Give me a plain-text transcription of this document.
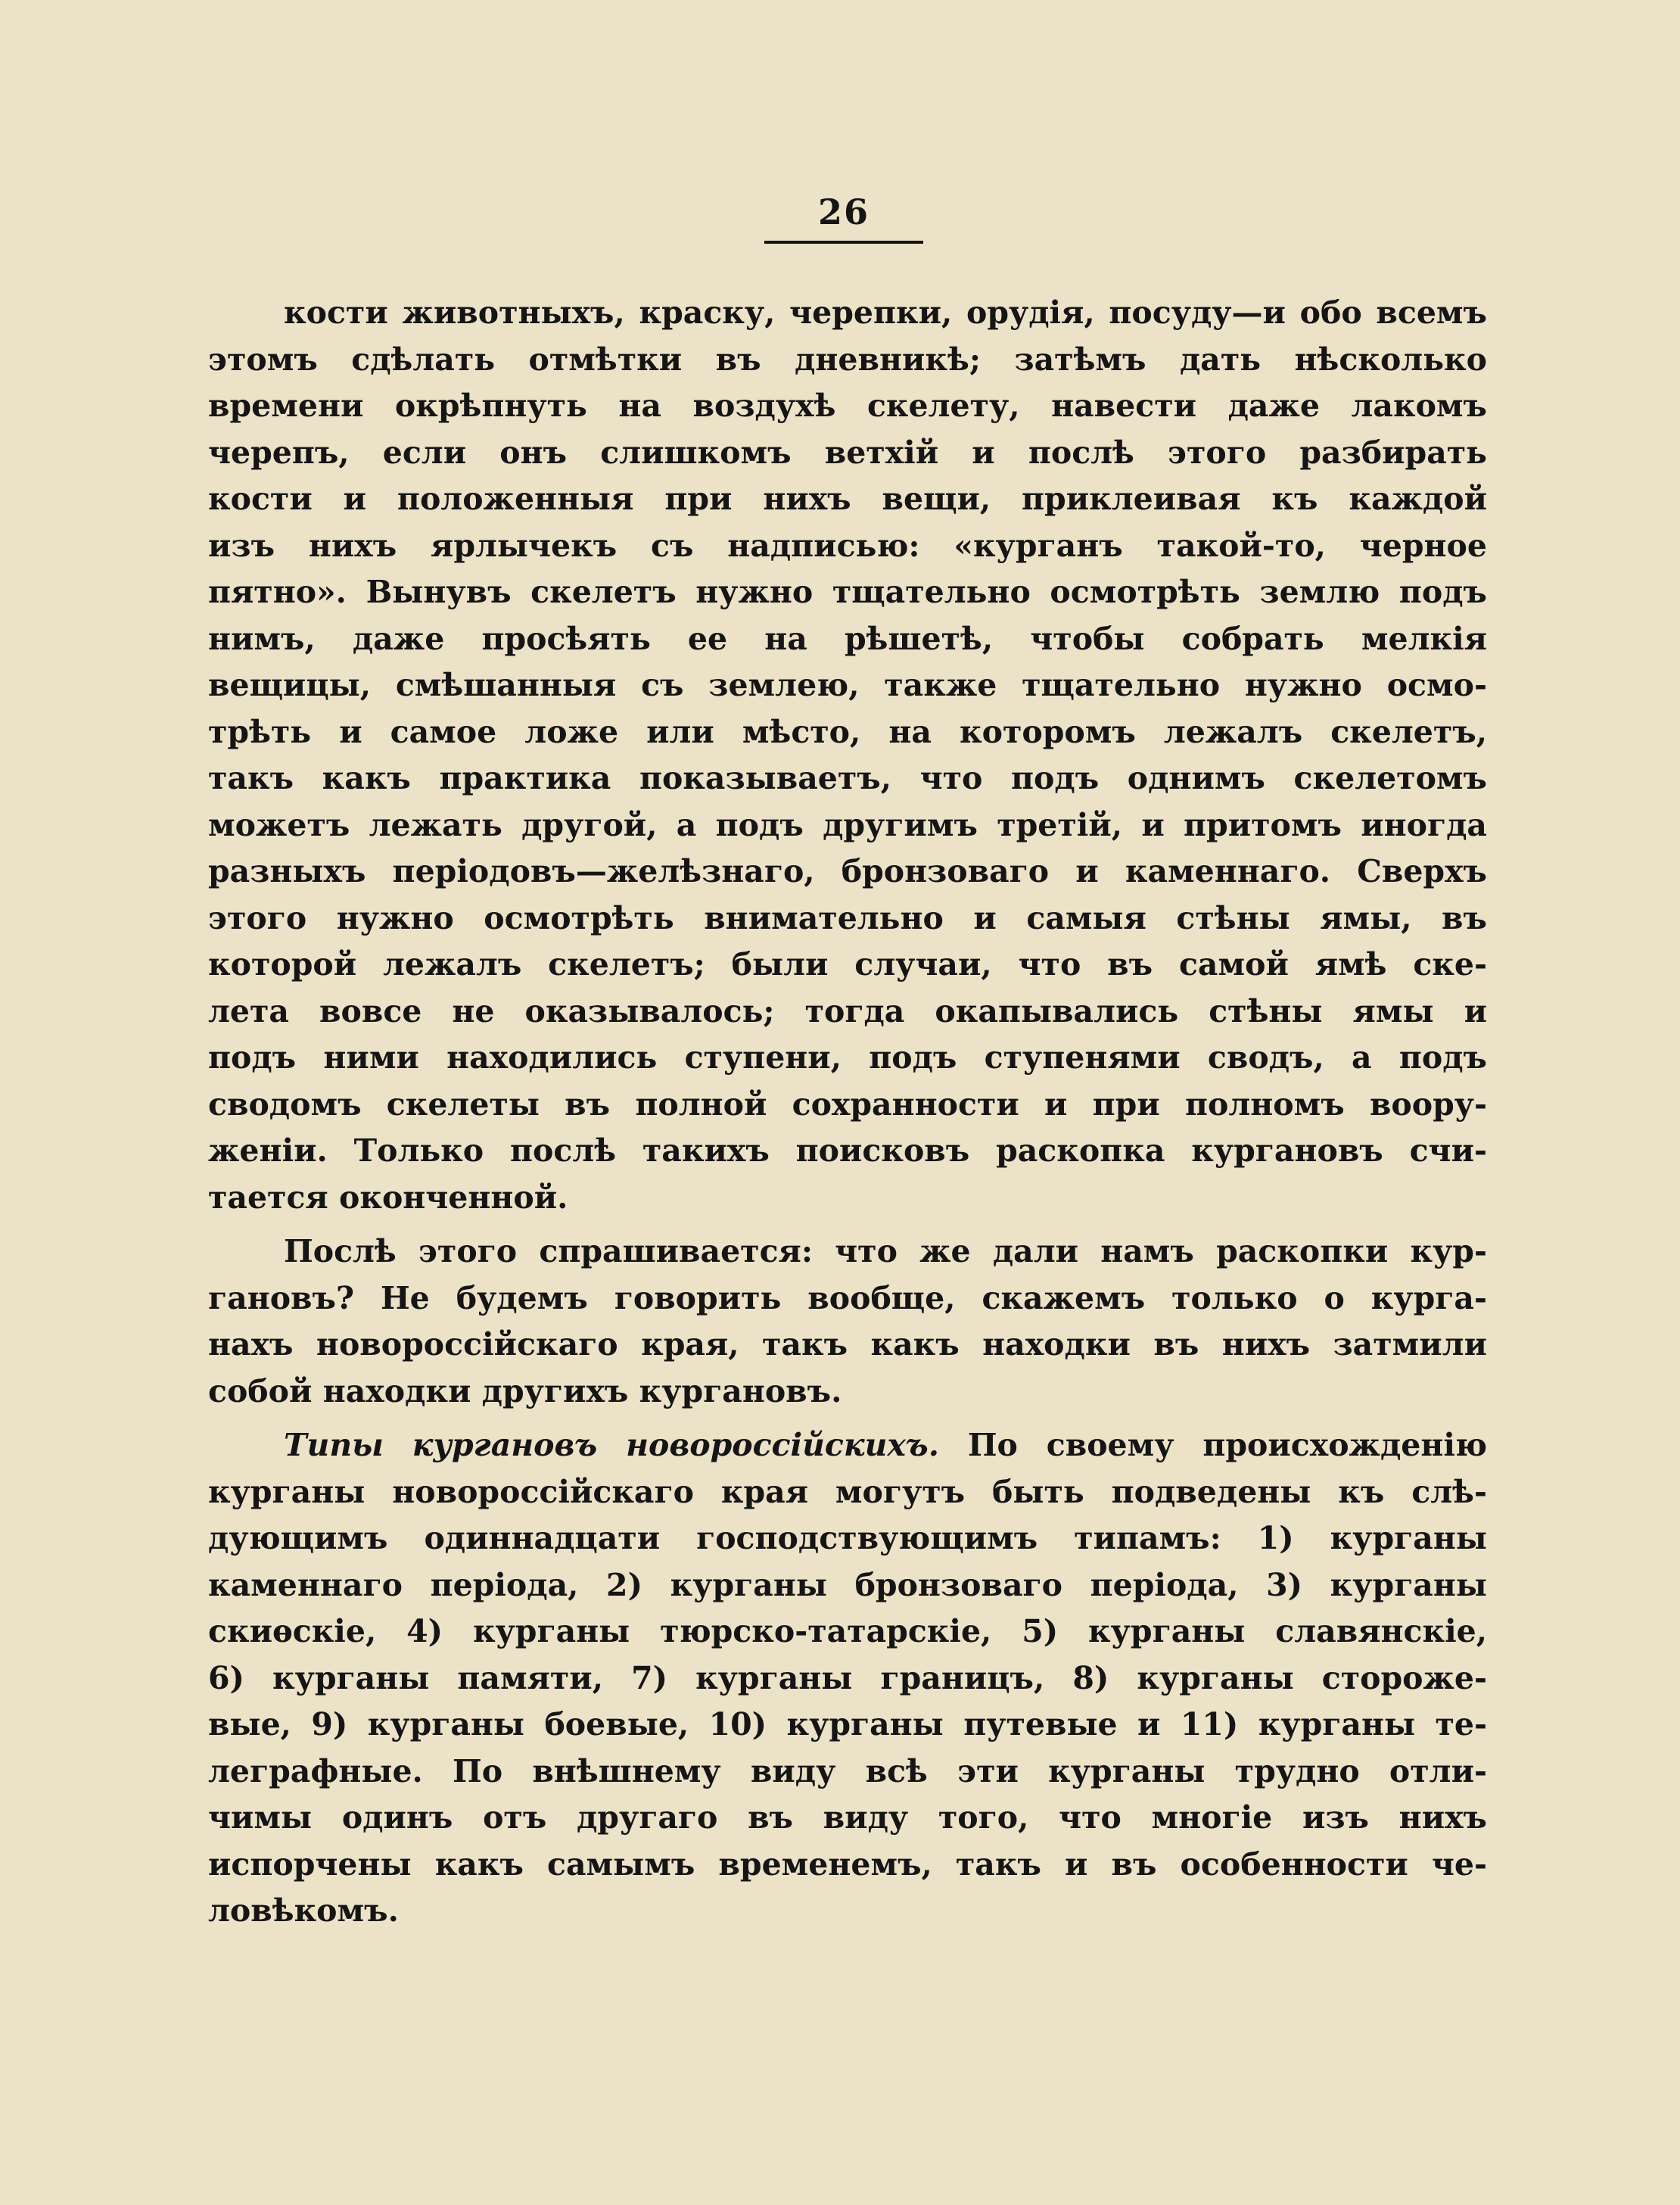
26

кости животныхъ, краску, черепки, орудія, посуду—и обо всемъ
этомъ сдѣлать отмѣтки въ дневникѣ; затѣмъ дать нѣсколько
времени окрѣпнуть на воздухѣ скелету, навести даже лакомъ
черепъ, если онъ слишкомъ ветхій и послѣ этого разбирать
кости и положенныя при нихъ вещи, приклеивая къ каждой
изъ нихъ ярлычекъ съ надписью: «курганъ такой-то, черное
пятно». Вынувъ скелетъ нужно тщательно осмотрѣть землю подъ
нимъ, даже просѣять ее на рѣшетѣ, чтобы собрать мелкія
вещицы, смѣшанныя съ землею, также тщательно нужно осмо-
трѣть и самое ложе или мѣсто, на которомъ лежалъ скелетъ,
такъ какъ практика показываетъ, что подъ однимъ скелетомъ
можетъ лежать другой, а подъ другимъ третій, и притомъ иногда
разныхъ періодовъ—желѣзнаго, бронзоваго и каменнаго. Сверхъ
этого нужно осмотрѣть внимательно и самыя стѣны ямы, въ
которой лежалъ скелетъ; были случаи, что въ самой ямѣ ске-
лета вовсе не оказывалось; тогда окапывались стѣны ямы и
подъ ними находились ступени, подъ ступенями сводъ, а подъ
сводомъ скелеты въ полной сохранности и при полномъ воору-
женіи. Только послѣ такихъ поисковъ раскопка кургановъ счи-
тается оконченной.

Послѣ этого спрашивается: что же дали намъ раскопки кур-
гановъ? Не будемъ говорить вообще, скажемъ только о курга-
нахъ новороссійскаго края, такъ какъ находки въ нихъ затмили
собой находки другихъ кургановъ.

Типы кургановъ новороссійскихъ. По своему происхожденію
курганы новороссійскаго края могутъ быть подведены къ слѣ-
дующимъ одиннадцати господствующимъ типамъ: 1) курганы
каменнаго періода, 2) курганы бронзоваго періода, 3) курганы
скиѳскіе, 4) курганы тюрско-татарскіе, 5) курганы славянскіе,
6) курганы памяти, 7) курганы границъ, 8) курганы стороже-
вые, 9) курганы боевые, 10) курганы путевые и 11) курганы те-
леграфные. По внѣшнему виду всѣ эти курганы трудно отли-
чимы одинъ отъ другаго въ виду того, что многіе изъ нихъ
испорчены какъ самымъ временемъ, такъ и въ особенности че-
ловѣкомъ.
